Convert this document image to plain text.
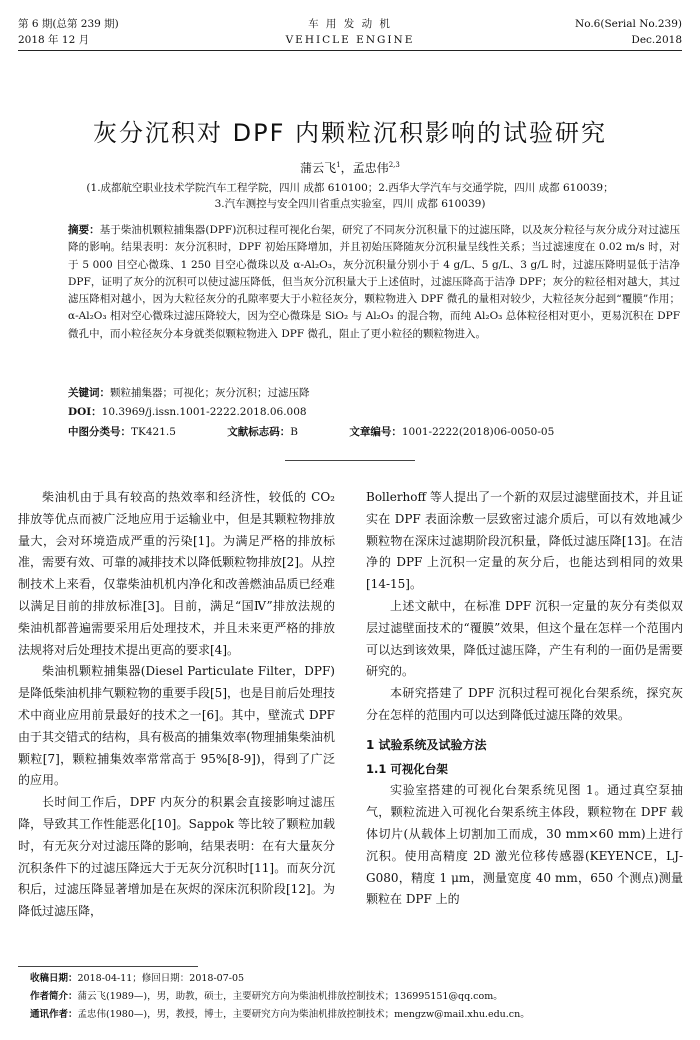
第 6 期(总第 239 期)
2018 年 12 月
车 用 发 动 机
VEHICLE ENGINE
No.6(Serial No.239)
Dec.2018
灰分沉积对 DPF 内颗粒沉积影响的试验研究
蒲云飞$^1$，孟忠伟$^{2,3}$
(1.成都航空职业技术学院汽车工程学院，四川 成都 610100；2.西华大学汽车与交通学院，四川 成都 610039；
3.汽车测控与安全四川省重点实验室，四川 成都 610039)
摘要：基于柴油机颗粒捕集器(DPF)沉积过程可视化台架，研究了不同灰分沉积量下的过滤压降，以及灰分粒径与灰分成分对过滤压降的影响。结果表明：灰分沉积时，DPF 初始压降增加，并且初始压降随灰分沉积量呈线性关系；当过滤速度在 0.02 m/s 时，对于 5 000 目空心微珠、1 250 目空心微珠以及 α-Al₂O₃，灰分沉积量分别小于 4 g/L、5 g/L、3 g/L 时，过滤压降明显低于洁净 DPF，证明了灰分的沉积可以使过滤压降低，但当灰分沉积量大于上述值时，过滤压降高于洁净 DPF；灰分的粒径相对越大，其过滤压降相对越小，因为大粒径灰分的孔隙率要大于小粒径灰分，颗粒物进入 DPF 微孔的量相对较少，大粒径灰分起到“覆膜”作用；α-Al₂O₃ 相对空心微珠过滤压降较大，因为空心微珠是 SiO₂ 与 Al₂O₃ 的混合物，而纯 Al₂O₃ 总体粒径相对更小，更易沉积在 DPF 微孔中，而小粒径灰分本身就类似颗粒物进入 DPF 微孔，阻止了更小粒径的颗粒物进入。
关键词：颗粒捕集器；可视化；灰分沉积；过滤压降
DOI：10.3969/j.issn.1001-2222.2018.06.008
中图分类号：TK421.5	文献标志码：B	文章编号：1001-2222(2018)06-0050-05

柴油机由于具有较高的热效率和经济性，较低的 CO₂ 排放等优点而被广泛地应用于运输业中，但是其颗粒物排放量大，会对环境造成严重的污染[1]。为满足严格的排放标准，需要有效、可靠的减排技术以降低颗粒物排放[2]。从控制技术上来看，仅靠柴油机机内净化和改善燃油品质已经难以满足目前的排放标准[3]。目前，满足“国Ⅳ”排放法规的柴油机都普遍需要采用后处理技术，并且未来更严格的排放法规将对后处理技术提出更高的要求[4]。

柴油机颗粒捕集器(Diesel Particulate Filter，DPF)是降低柴油机排气颗粒物的重要手段[5]，也是目前后处理技术中商业应用前景最好的技术之一[6]。其中，壁流式 DPF 由于其交错式的结构，具有极高的捕集效率(物理捕集柴油机颗粒[7]，颗粒捕集效率常常高于 95%[8-9])，得到了广泛的应用。

长时间工作后，DPF 内灰分的积累会直接影响过滤压降，导致其工作性能恶化[10]。Sappok 等比较了颗粒加载时，有无灰分对过滤压降的影响，结果表明：在有大量灰分沉积条件下的过滤压降远大于无灰分沉积时[11]。而灰分沉积后，过滤压降显著增加是在灰烬的深床沉积阶段[12]。为降低过滤压降，

Bollerhoff 等人提出了一个新的双层过滤壁面技术，并且证实在 DPF 表面涂敷一层致密过滤介质后，可以有效地减少颗粒物在深床过滤期阶段沉积量，降低过滤压降[13]。在洁净的 DPF 上沉积一定量的灰分后，也能达到相同的效果[14-15]。

上述文献中，在标准 DPF 沉积一定量的灰分有类似双层过滤壁面技术的“覆膜”效果，但这个量在怎样一个范围内可以达到该效果，降低过滤压降，产生有利的一面仍是需要研究的。

本研究搭建了 DPF 沉积过程可视化台架系统，探究灰分在怎样的范围内可以达到降低过滤压降的效果。

1 试验系统及试验方法
1.1 可视化台架

实验室搭建的可视化台架系统见图 1。通过真空泵抽气，颗粒流进入可视化台架系统主体段，颗粒物在 DPF 载体切片(从载体上切割加工而成，30 mm×60 mm)上进行沉积。使用高精度 2D 激光位移传感器(KEYENCE，LJ-G080，精度 1 μm，测量宽度 40 mm，650 个测点)测量颗粒在 DPF 上的

收稿日期：2018-04-11；修回日期：2018-07-05
作者简介：蒲云飞(1989—)，男，助教，硕士，主要研究方向为柴油机排放控制技术；136995151@qq.com。
通讯作者：孟忠伟(1980—)，男，教授，博士，主要研究方向为柴油机排放控制技术；mengzw@mail.xhu.edu.cn。
